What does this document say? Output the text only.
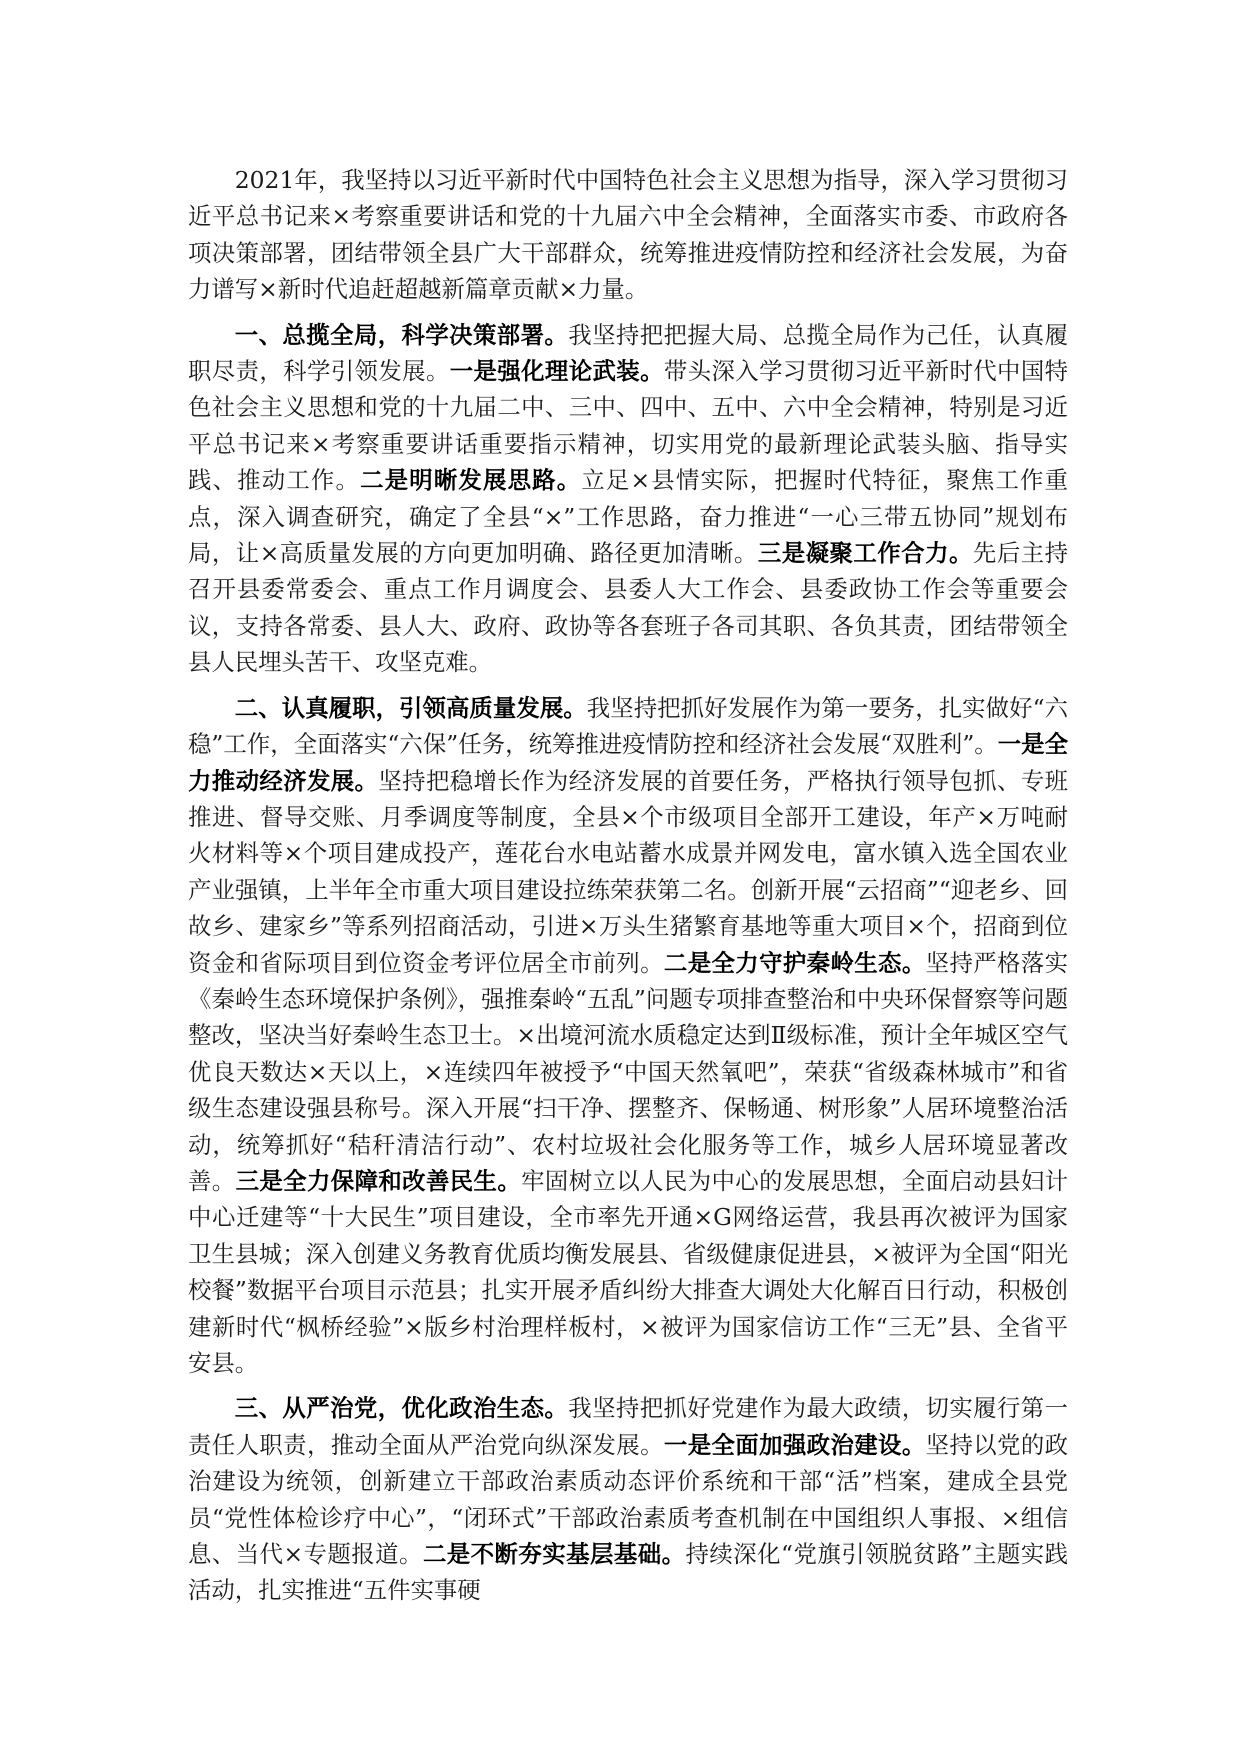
2021年，我坚持以习近平新时代中国特色社会主义思想为指导，深入学习贯彻习近平总书记来×考察重要讲话和党的十九届六中全会精神，全面落实市委、市政府各项决策部署，团结带领全县广大干部群众，统筹推进疫情防控和经济社会发展，为奋力谱写×新时代追赶超越新篇章贡献×力量。

一、总揽全局，科学决策部署。我坚持把把握大局、总揽全局作为己任，认真履职尽责，科学引领发展。一是强化理论武装。带头深入学习贯彻习近平新时代中国特色社会主义思想和党的十九届二中、三中、四中、五中、六中全会精神，特别是习近平总书记来×考察重要讲话重要指示精神，切实用党的最新理论武装头脑、指导实践、推动工作。二是明晰发展思路。立足×县情实际，把握时代特征，聚焦工作重点，深入调查研究，确定了全县“×”工作思路，奋力推进“一心三带五协同”规划布局，让×高质量发展的方向更加明确、路径更加清晰。三是凝聚工作合力。先后主持召开县委常委会、重点工作月调度会、县委人大工作会、县委政协工作会等重要会议，支持各常委、县人大、政府、政协等各套班子各司其职、各负其责，团结带领全县人民埋头苦干、攻坚克难。

二、认真履职，引领高质量发展。我坚持把抓好发展作为第一要务，扎实做好“六稳”工作，全面落实“六保”任务，统筹推进疫情防控和经济社会发展“双胜利”。一是全力推动经济发展。坚持把稳增长作为经济发展的首要任务，严格执行领导包抓、专班推进、督导交账、月季调度等制度，全县×个市级项目全部开工建设，年产×万吨耐火材料等×个项目建成投产，莲花台水电站蓄水成景并网发电，富水镇入选全国农业产业强镇，上半年全市重大项目建设拉练荣获第二名。创新开展“云招商”“迎老乡、回故乡、建家乡”等系列招商活动，引进×万头生猪繁育基地等重大项目×个，招商到位资金和省际项目到位资金考评位居全市前列。二是全力守护秦岭生态。坚持严格落实《秦岭生态环境保护条例》，强推秦岭“五乱”问题专项排查整治和中央环保督察等问题整改，坚决当好秦岭生态卫士。×出境河流水质稳定达到Ⅱ级标准，预计全年城区空气优良天数达×天以上，×连续四年被授予“中国天然氧吧”，荣获“省级森林城市”和省级生态建设强县称号。深入开展“扫干净、摆整齐、保畅通、树形象”人居环境整治活动，统筹抓好“秸秆清洁行动”、农村垃圾社会化服务等工作，城乡人居环境显著改善。三是全力保障和改善民生。牢固树立以人民为中心的发展思想，全面启动县妇计中心迁建等“十大民生”项目建设，全市率先开通×G网络运营，我县再次被评为国家卫生县城；深入创建义务教育优质均衡发展县、省级健康促进县，×被评为全国“阳光校餐”数据平台项目示范县；扎实开展矛盾纠纷大排查大调处大化解百日行动，积极创建新时代“枫桥经验”×版乡村治理样板村，×被评为国家信访工作“三无”县、全省平安县。

三、从严治党，优化政治生态。我坚持把抓好党建作为最大政绩，切实履行第一责任人职责，推动全面从严治党向纵深发展。一是全面加强政治建设。坚持以党的政治建设为统领，创新建立干部政治素质动态评价系统和干部“活”档案，建成全县党员“党性体检诊疗中心”，“闭环式”干部政治素质考查机制在中国组织人事报、×组信息、当代×专题报道。二是不断夯实基层基础。持续深化“党旗引领脱贫路”主题实践活动，扎实推进“五件实事硬
